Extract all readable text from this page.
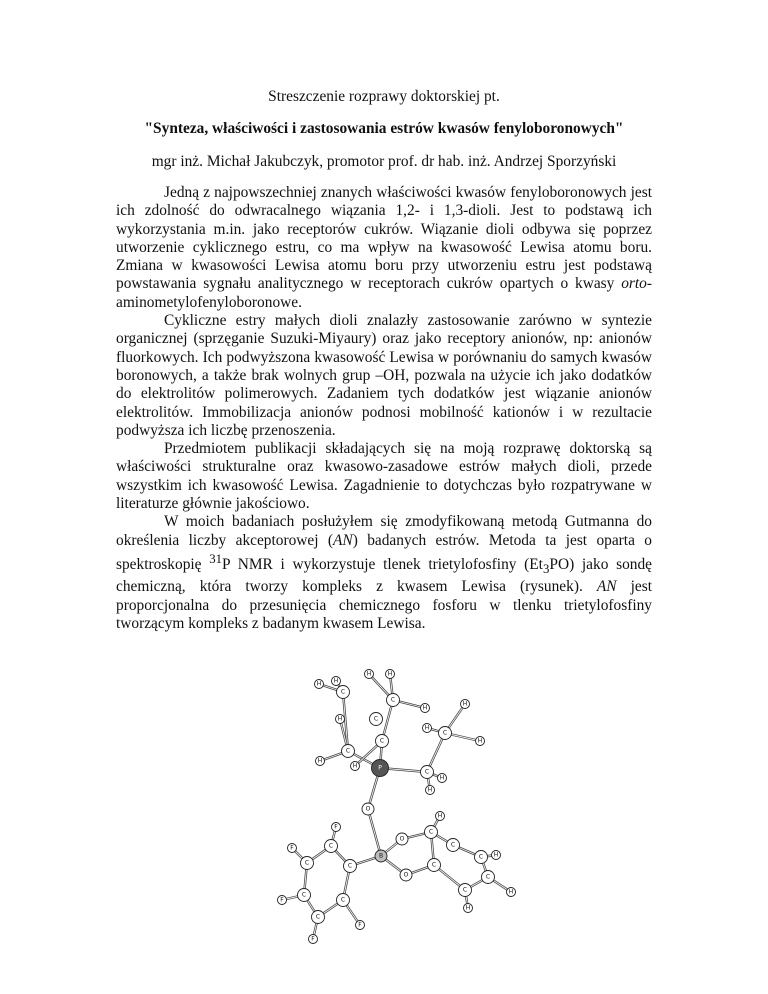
Streszczenie rozprawy doktorskiej pt.
"Synteza, właściwości i zastosowania estrów kwasów fenyloboronowych"
mgr inż. Michał Jakubczyk, promotor prof. dr hab. inż. Andrzej Sporzyński

Jedną z najpowszechniej znanych właściwości kwasów fenyloboronowych jest ich zdolność do odwracalnego wiązania 1,2- i 1,3-dioli. Jest to podstawą ich wykorzystania m.in. jako receptorów cukrów. Wiązanie dioli odbywa się poprzez utworzenie cyklicznego estru, co ma wpływ na kwasowość Lewisa atomu boru. Zmiana w kwasowości Lewisa atomu boru przy utworzeniu estru jest podstawą powstawania sygnału analitycznego w receptorach cukrów opartych o kwasy orto-aminometylofenyloboronowe.

Cykliczne estry małych dioli znalazły zastosowanie zarówno w syntezie organicznej (sprzęganie Suzuki-Miyaury) oraz jako receptory anionów, np: anionów fluorkowych. Ich podwyższona kwasowość Lewisa w porównaniu do samych kwasów boronowych, a także brak wolnych grup –OH, pozwala na użycie ich jako dodatków do elektrolitów polimerowych. Zadaniem tych dodatków jest wiązanie anionów elektrolitów. Immobilizacja anionów podnosi mobilność kationów i w rezultacie podwyższa ich liczbę przenoszenia.

Przedmiotem publikacji składających się na moją rozprawę doktorską są właściwości strukturalne oraz kwasowo-zasadowe estrów małych dioli, przede wszystkim ich kwasowość Lewisa. Zagadnienie to dotychczas było rozpatrywane w literaturze głównie jakościowo.

W moich badaniach posłużyłem się zmodyfikowaną metodą Gutmanna do określenia liczby akceptorowej (AN) badanych estrów. Metoda ta jest oparta o spektroskopię $^{31}$P NMR i wykorzystuje tlenek trietylofosfiny $(Et_3PO)$ jako sondę chemiczną, która tworzy kompleks z kwasem Lewisa (rysunek). AN jest proporcjonalna do przesunięcia chemicznego fosforu w tlenku trietylofosfiny tworzącym kompleks z badanym kwasem Lewisa.

H H
H	H
C
C
H
H
H	C
H
C
H
C
C
H
H	P
C
H
H
O
F
C
F
C	C
B
O
C
C
H
C H
C
O	C
C	H
H
C
F	C
C
F
F
